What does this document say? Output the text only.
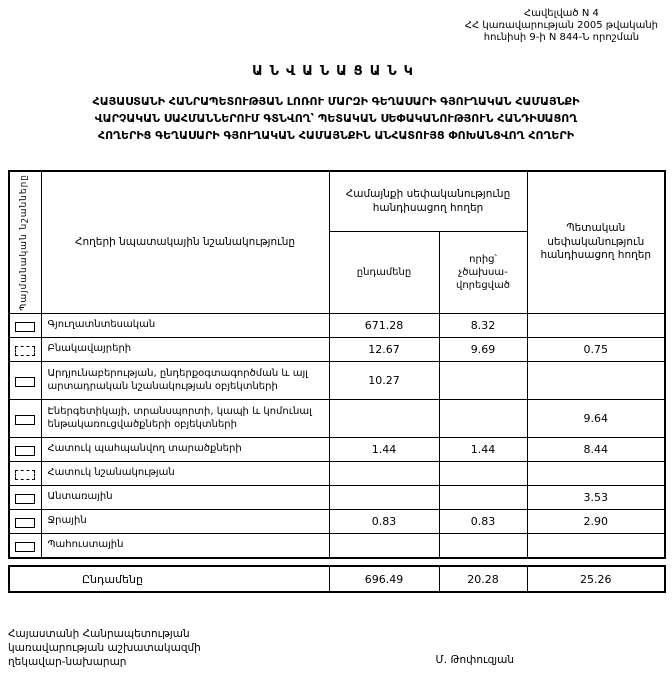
Հավելված N 4
ՀՀ կառավարության 2005 թվականի
հունիսի 9-ի N 844-Ն որոշման
ԱՆՎԱՆԱՑԱՆԿ
ՀԱՅԱՍՏԱՆԻ ՀԱՆՐԱՊԵՏՈՒԹՅԱՆ ԼՈՌՈՒ ՄԱՐԶԻ ԳԵՂԱՍԱՐԻ ԳՅՈՒՂԱԿԱՆ ՀԱՄԱՅՆՔԻ
ՎԱՐՉԱԿԱՆ ՍԱՀՄԱՆՆԵՐՈՒՄ ԳՏՆՎՈՂ՝ ՊԵՏԱԿԱՆ ՍԵՓԱԿԱՆՈՒԹՅՈՒՆ ՀԱՆԴԻՍԱՑՈՂ
ՀՈՂԵՐԻՑ ԳԵՂԱՍԱՐԻ ԳՅՈՒՂԱԿԱՆ ՀԱՄԱՅՆՔԻՆ ԱՆՀԱՏՈՒՅՑ ՓՈԽԱՆՑՎՈՂ ՀՈՂԵՐԻ
Պայմանական նշանները	Հողերի նպատակային նշանակությունը	Համայնքի սեփականությունը հանդիսացող հողեր		Պետական սեփականություն հանդիսացող հողեր
		ընդամենը	որից՝ չծախսա- վորեցված	
	Գյուղատնտեսական	671.28	8.32	
	Բնակավայրերի	12.67	9.69	0.75
	Արդյունաբերության, ընդերքօգտագործման և այլ արտադրական նշանակության օբյեկտների	10.27		
	Էներգետիկայի, տրանսպորտի, կապի և կոմունալ ենթակառուցվածքների օբյեկտների			9.64
	Հատուկ պահպանվող տարածքների	1.44	1.44	8.44
	Հատուկ նշանակության			
	Անտառային			3.53
	Ջրային	0.83	0.83	2.90
	Պահուստային			
Ընդամենը	696.49	20.28	25.26
Հայաստանի Հանրապետության
կառավարության աշխատակազմի
ղեկավար-նախարար	Մ. Թոփուզյան
